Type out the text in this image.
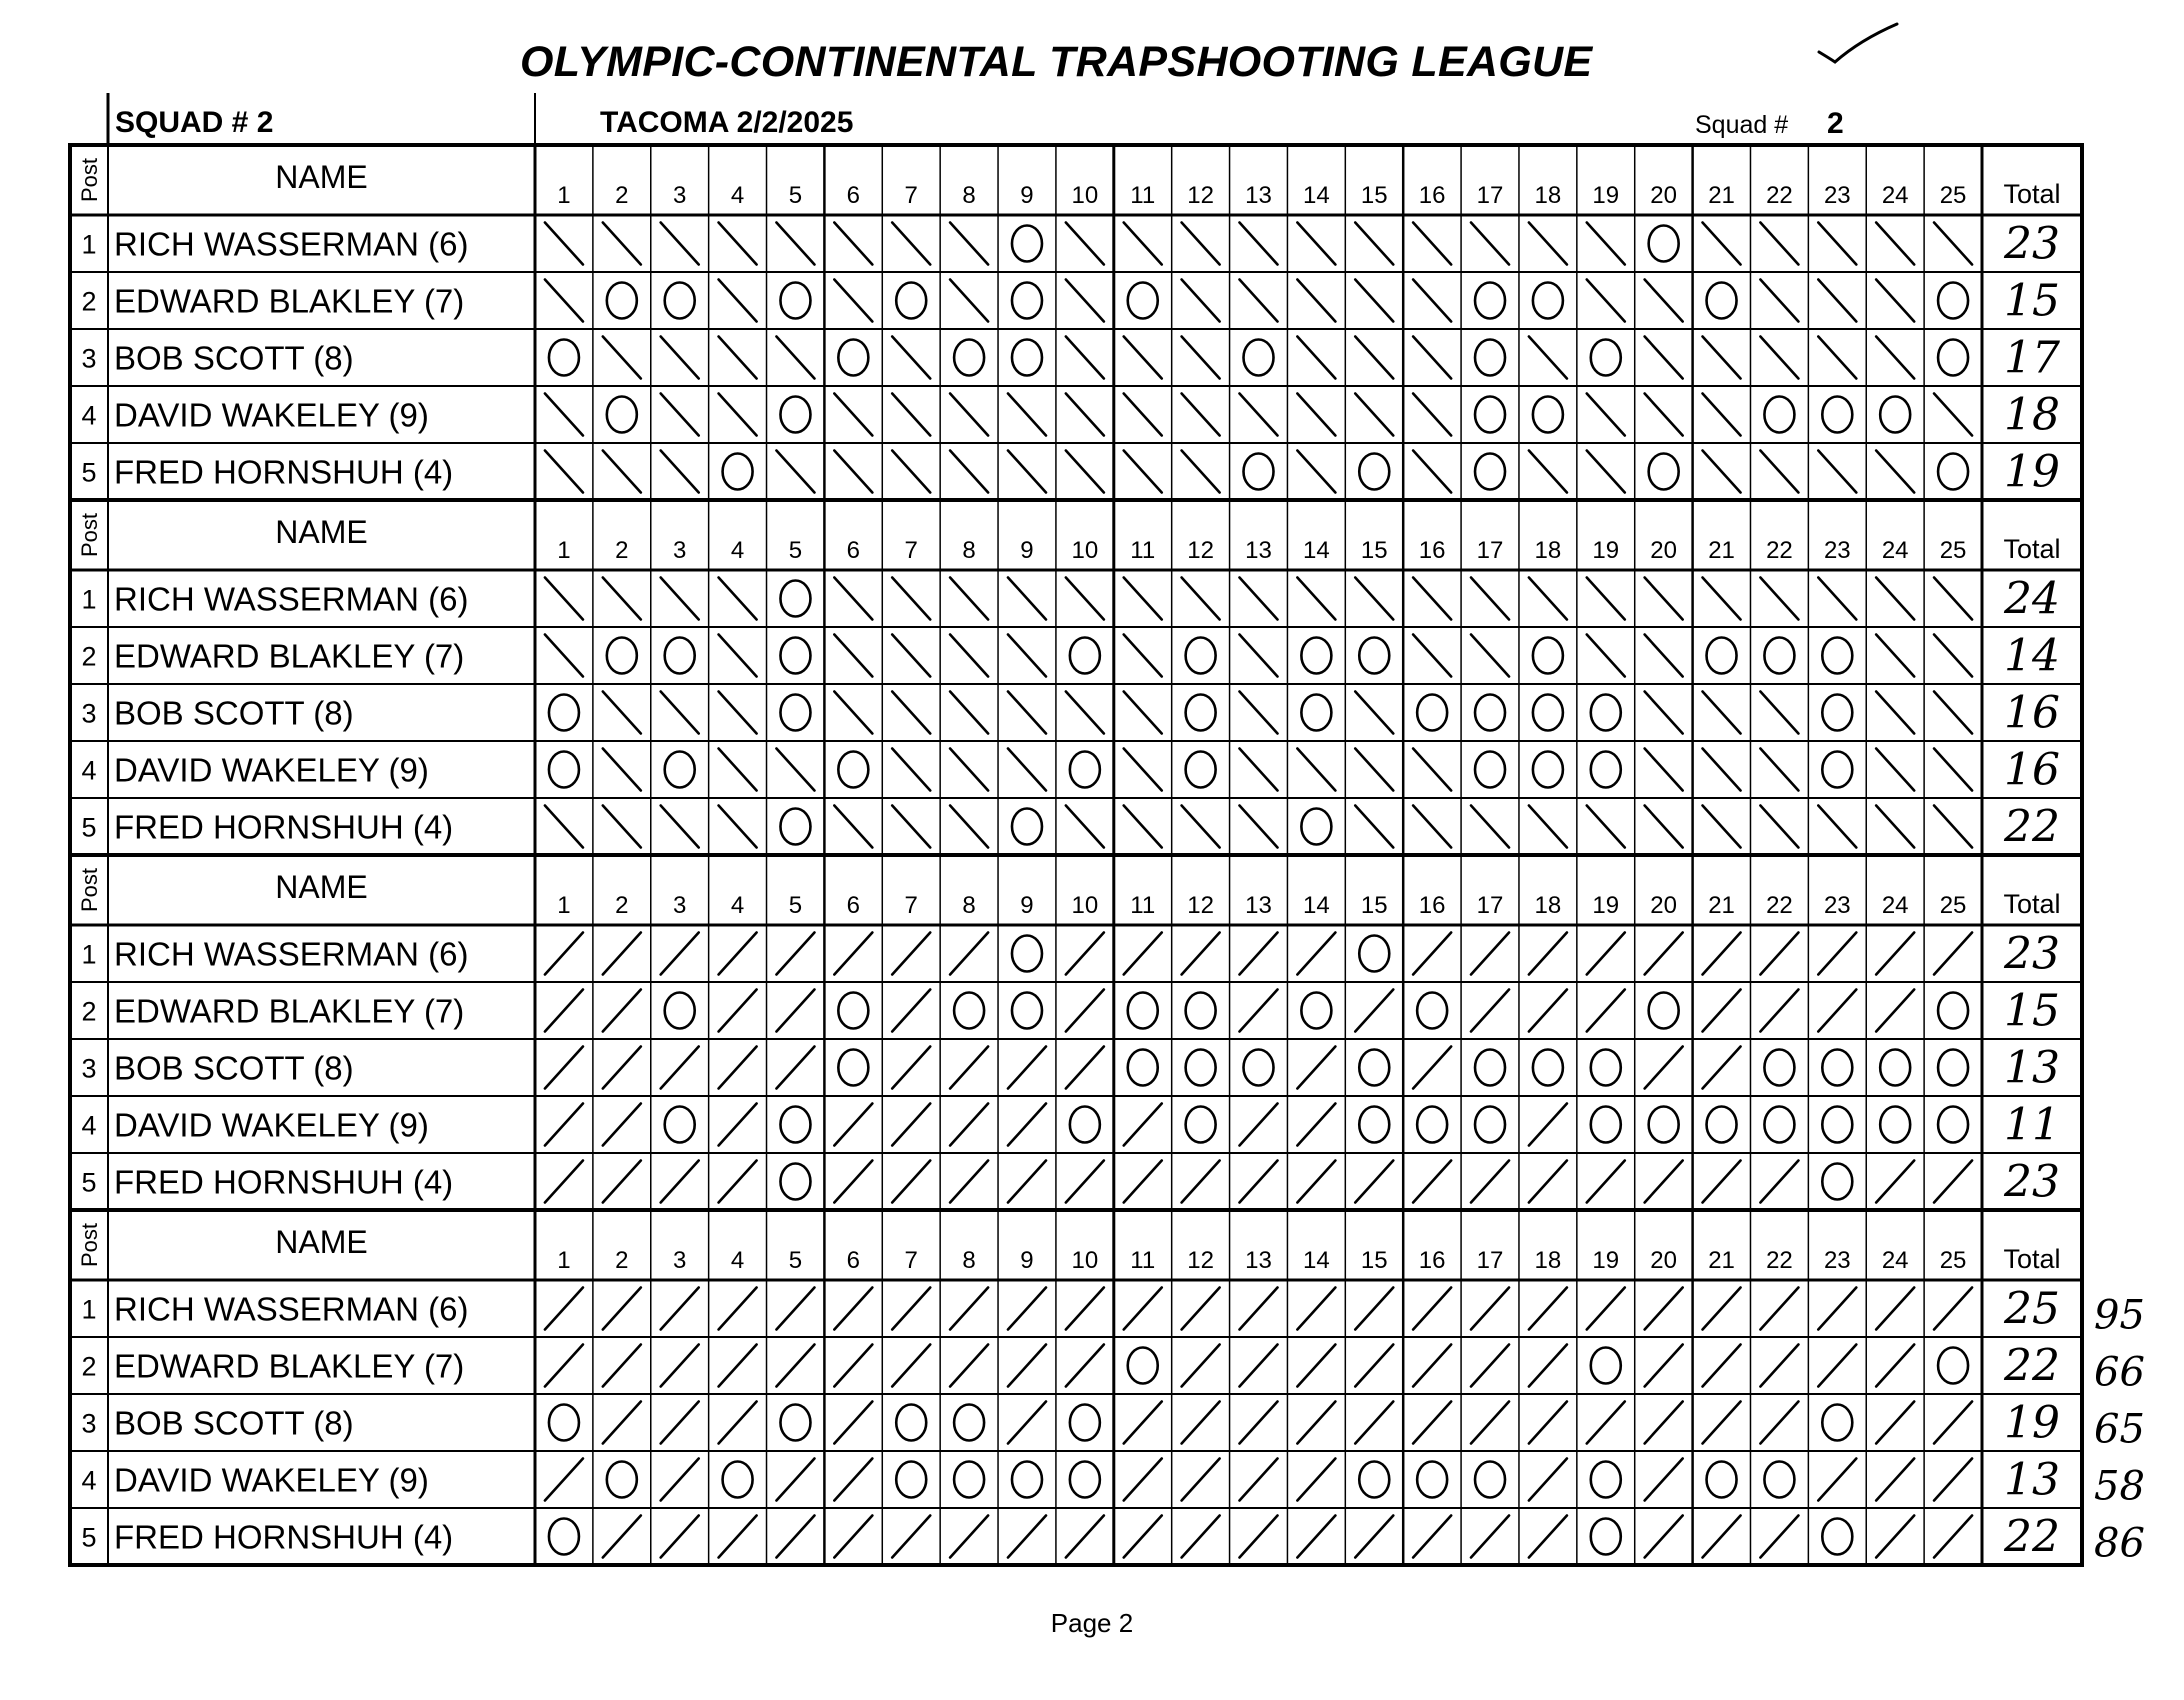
OLYMPIC-CONTINENTAL TRAPSHOOTING LEAGUE
SQUAD # 2	TACOMA 2/2/2025	Squad # 2
Post	NAME
1 2 3 4 5 6 7 8 9 10 11 12 13 14 15 16 17 18 19 20 21 22 23 24 25 Total
1 RICH WASSERMAN (6)	23
2 EDWARD BLAKLEY (7)	15
3 BOB SCOTT (8)	17
4 DAVID WAKELEY (9)	18
5 FRED HORNSHUH (4)	19
Post	NAME
1 2 3 4 5 6 7 8 9 10 11 12 13 14 15 16 17 18 19 20 21 22 23 24 25 Total
1 RICH WASSERMAN (6)	24
2 EDWARD BLAKLEY (7)	14
3 BOB SCOTT (8)	16
4 DAVID WAKELEY (9)	16
5 FRED HORNSHUH (4)	22
Post	NAME
1 2 3 4 5 6 7 8 9 10 11 12 13 14 15 16 17 18 19 20 21 22 23 24 25 Total
1 RICH WASSERMAN (6)	23
2 EDWARD BLAKLEY (7)	15
3 BOB SCOTT (8)	13
4 DAVID WAKELEY (9)	11
5 FRED HORNSHUH (4)	23
Post	NAME
1 2 3 4 5 6 7 8 9 10 11 12 13 14 15 16 17 18 19 20 21 22 23 24 25 Total
1 RICH WASSERMAN (6)	25 95
2 EDWARD BLAKLEY (7)	22 66
3 BOB SCOTT (8)	19 65
4 DAVID WAKELEY (9)	13 58
5 FRED HORNSHUH (4)	22 86
Page 2
